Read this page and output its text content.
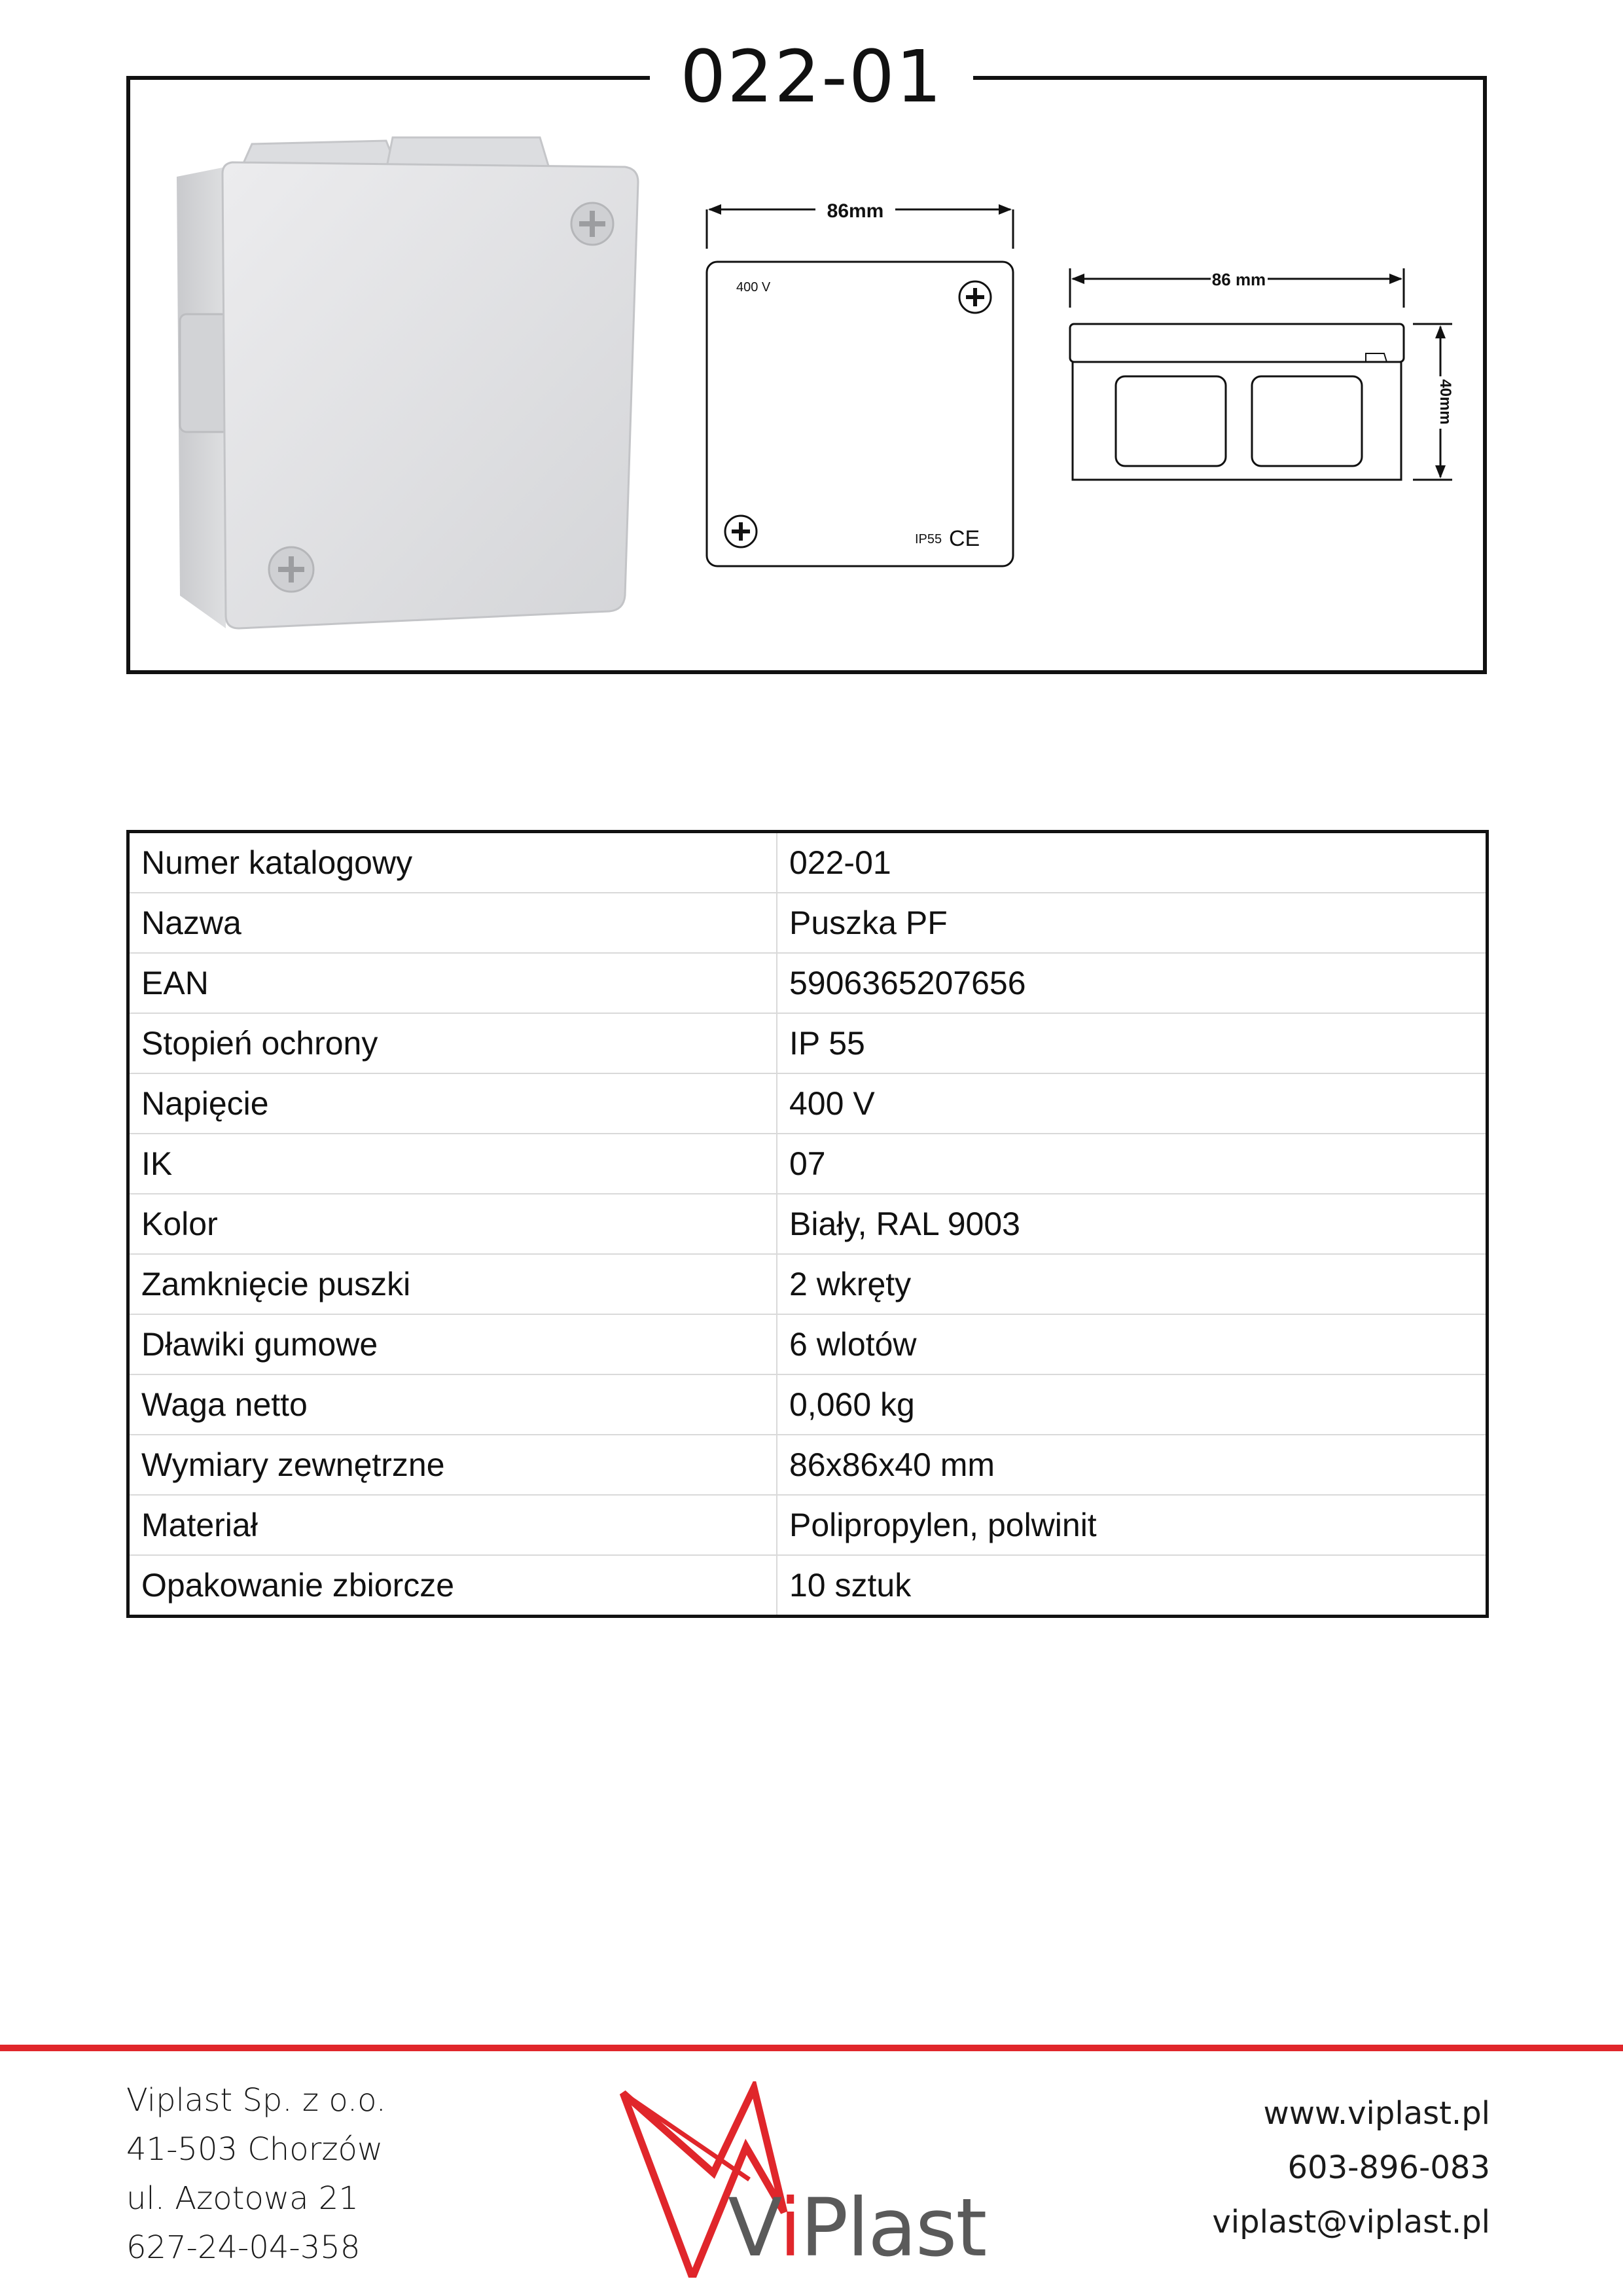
022-01
86mm
400 V
IP55 CE
86 mm
40mm
Numer katalogowy	022-01
Nazwa	Puszka PF
EAN	5906365207656
Stopień ochrony	IP 55
Napięcie	400 V
IK	07
Kolor	Biały, RAL 9003
Zamknięcie puszki	2 wkręty
Dławiki gumowe	6 wlotów
Waga netto	0,060 kg
Wymiary zewnętrzne	86x86x40 mm
Materiał	Polipropylen, polwinit
Opakowanie zbiorcze	10 sztuk
Viplast Sp. z o.o.
41-503 Chorzów
ul. Azotowa 21
627-24-04-358	ViPlast
www.viplast.pl
603-896-083
viplast@viplast.pl
